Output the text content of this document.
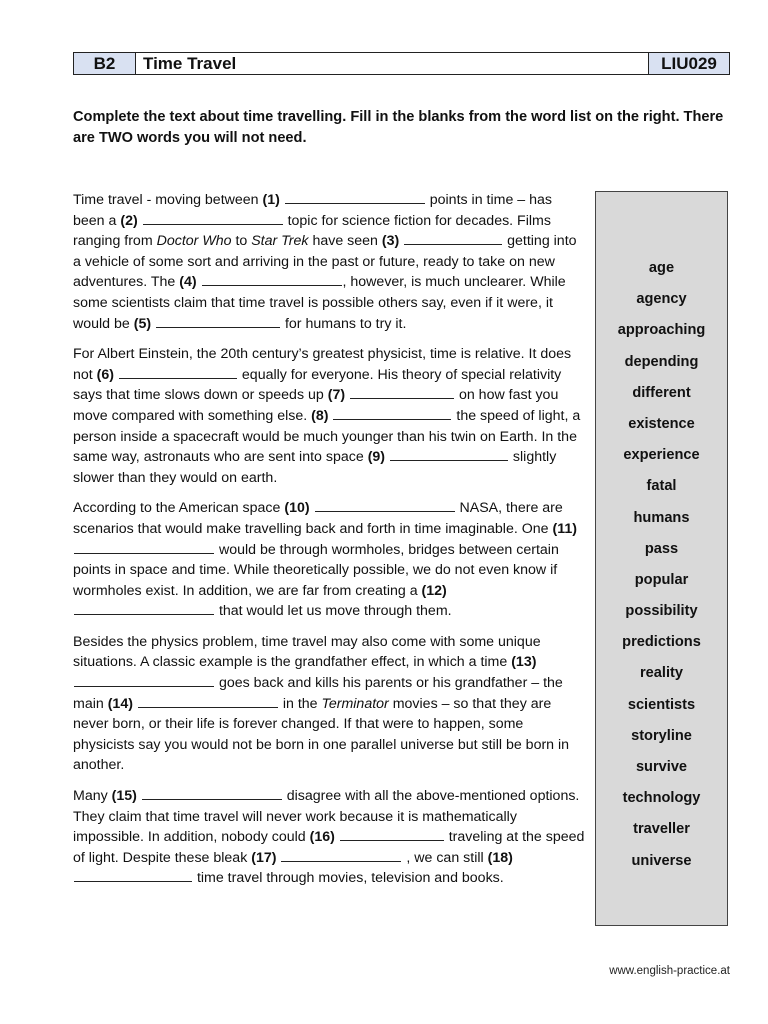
B2	Time Travel	LIU029
Complete the text about time travelling. Fill in the blanks from the word list on the right. There are TWO words you will not need.

Time travel - moving between (1)	points in time – has been a (2)	topic for science fiction for decades. Films ranging from Doctor Who to Star Trek have seen (3)	getting into a vehicle of some sort and arriving in the past or future, ready to take on new adventures. The (4)	, however, is much unclearer. While some scientists claim that time travel is possible others say, even if it were, it would be (5)	for humans to try it.

For Albert Einstein, the 20th century’s greatest physicist, time is relative. It does not (6)	equally for everyone. His theory of special relativity says that time slows down or speeds up (7)	on how fast you move compared with something else. (8)	the speed of light, a person inside a spacecraft would be much younger than his twin on Earth. In the same way, astronauts who are sent into space (9)	slightly slower than they would on earth.

According to the American space (10)	NASA, there are scenarios that would make travelling back and forth in time imaginable. One (11)  would be through wormholes, bridges between certain points in space and time. While theoretically possible, we do not even know if wormholes exist. In addition, we are far from creating a (12)  that would let us move through them.

Besides the physics problem, time travel may also come with some unique situations. A classic example is the grandfather effect, in which a time (13)  goes back and kills his parents or his grandfather – the main (14)	in the Terminator movies – so that they are never born, or their life is forever changed. If that were to happen, some physicists say you would not be born in one parallel universe but still be born in another.

Many (15)	disagree with all the above-mentioned options. They claim that time travel will never work because it is mathematically impossible. In addition, nobody could (16)	traveling at the speed of light. Despite these bleak (17)	, we can still (18)  time travel through movies, television and books.

age
agency
approaching
depending
different
existence
experience
fatal
humans
pass
popular
possibility
predictions
reality
scientists
storyline
survive
technology
traveller
universe
www.english-practice.at
